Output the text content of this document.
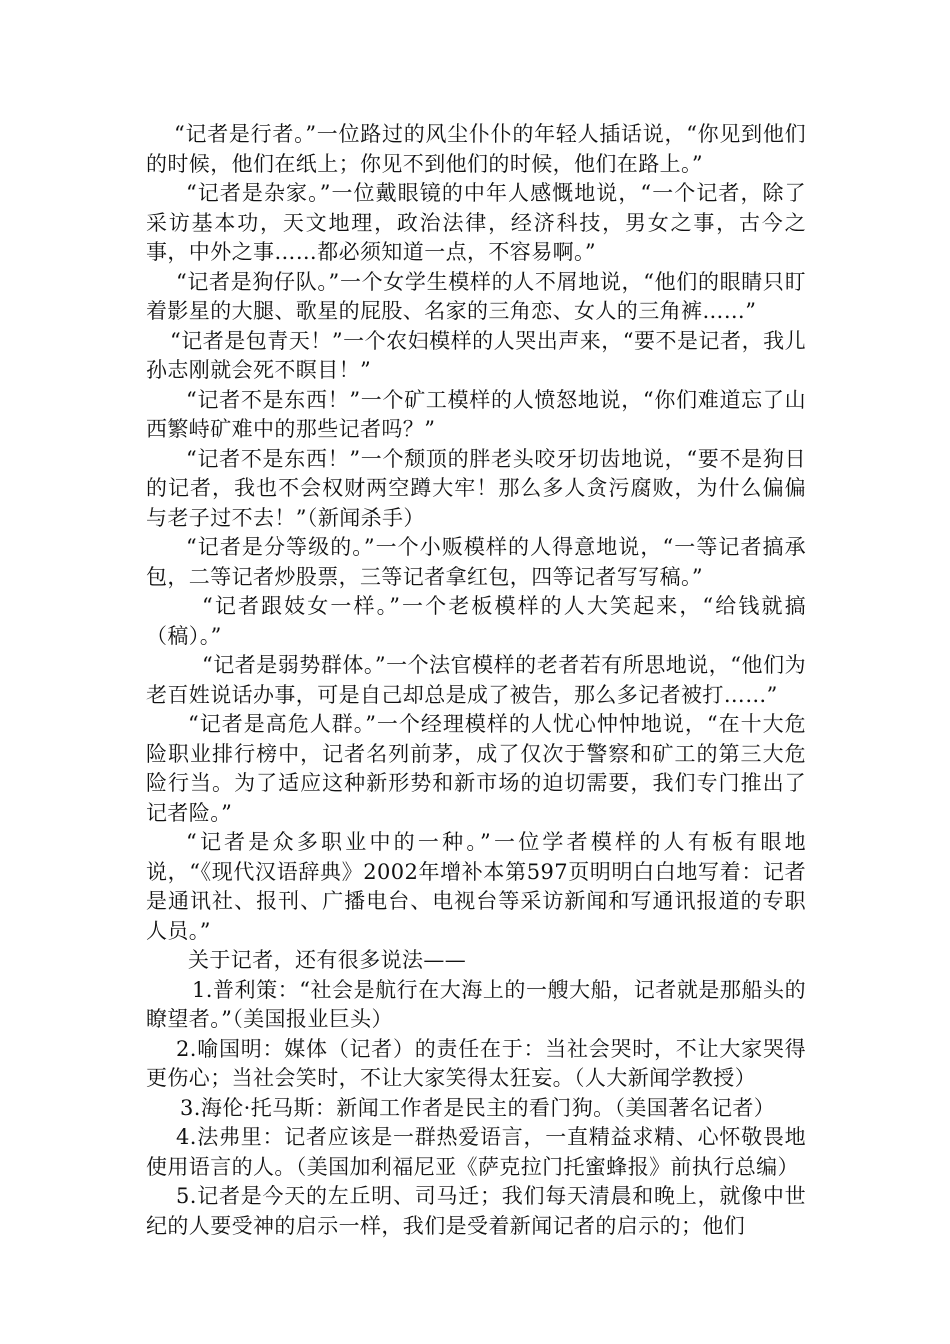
“记者是行者。”一位路过的风尘仆仆的年轻人插话说，“你见到他们的时候，他们在纸上；你见不到他们的时候，他们在路上。”

“记者是杂家。”一位戴眼镜的中年人感慨地说，“一个记者，除了采访基本功，天文地理，政治法律，经济科技，男女之事，古今之事，中外之事……都必须知道一点，不容易啊。”

“记者是狗仔队。”一个女学生模样的人不屑地说，“他们的眼睛只盯着影星的大腿、歌星的屁股、名家的三角恋、女人的三角裤……”

“记者是包青天！”一个农妇模样的人哭出声来，“要不是记者，我儿孙志刚就会死不瞑目！”

“记者不是东西！”一个矿工模样的人愤怒地说，“你们难道忘了山西繁峙矿难中的那些记者吗？”

“记者不是东西！”一个颓顶的胖老头咬牙切齿地说，“要不是狗日的记者，我也不会权财两空蹲大牢！那么多人贪污腐败，为什么偏偏与老子过不去！”（新闻杀手）

“记者是分等级的。”一个小贩模样的人得意地说，“一等记者搞承包，二等记者炒股票，三等记者拿红包，四等记者写写稿。”

“记者跟妓女一样。”一个老板模样的人大笑起来，“给钱就搞（稿）。”

“记者是弱势群体。”一个法官模样的老者若有所思地说，“他们为老百姓说话办事，可是自己却总是成了被告，那么多记者被打……”

“记者是高危人群。”一个经理模样的人忧心忡忡地说，“在十大危险职业排行榜中，记者名列前茅，成了仅次于警察和矿工的第三大危险行当。为了适应这种新形势和新市场的迫切需要，我们专门推出了记者险。”

“记者是众多职业中的一种。”一位学者模样的人有板有眼地说，“《现代汉语辞典》2002年增补本第597页明明白白地写着：记者是通讯社、报刊、广播电台、电视台等采访新闻和写通讯报道的专职人员。”

关于记者，还有很多说法——

1.普利策：“社会是航行在大海上的一艘大船，记者就是那船头的瞭望者。”（美国报业巨头）

2.喻国明：媒体（记者）的责任在于：当社会哭时，不让大家哭得更伤心；当社会笑时，不让大家笑得太狂妄。（人大新闻学教授）

3.海伦·托马斯：新闻工作者是民主的看门狗。（美国著名记者）

4.法弗里：记者应该是一群热爱语言，一直精益求精、心怀敬畏地使用语言的人。（美国加利福尼亚《萨克拉门托蜜蜂报》前执行总编）

5.记者是今天的左丘明、司马迁；我们每天清晨和晚上，就像中世纪的人要受神的启示一样，我们是受着新闻记者的启示的；他们
